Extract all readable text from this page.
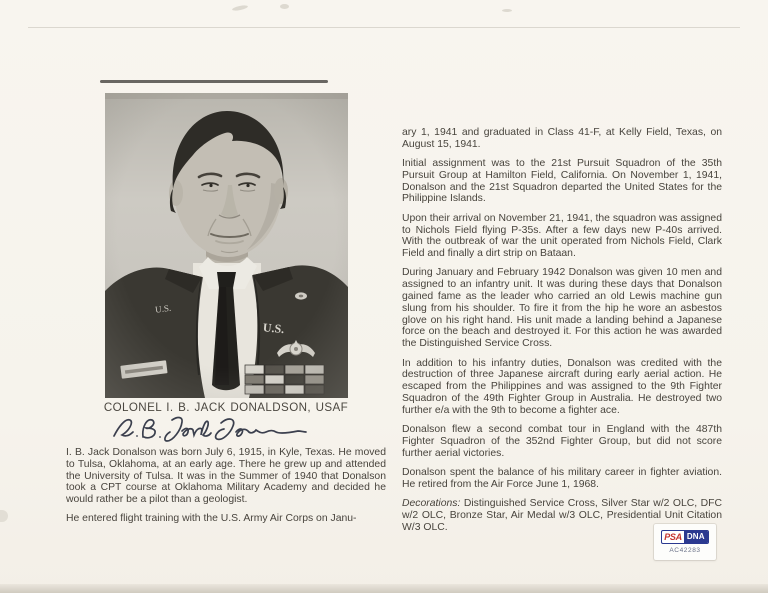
COLONEL I. B. JACK DONALDSON, USAF

I. B. Jack Donalson was born July 6, 1915, in Kyle, Texas. He moved to Tulsa, Oklahoma, at an early age. There he grew up and attended the University of Tulsa. It was in the Summer of 1940 that Donalson took a CPT course at Oklahoma Military Academy and decided he would rather be a pilot than a geologist.

He entered flight training with the U.S. Army Air Corps on Janu-

ary 1, 1941 and graduated in Class 41-F, at Kelly Field, Texas, on August 15, 1941.

Initial assignment was to the 21st Pursuit Squadron of the 35th Pursuit Group at Hamilton Field, California. On November 1, 1941, Donalson and the 21st Squadron departed the United States for the Philippine Islands.

Upon their arrival on November 21, 1941, the squadron was assigned to Nichols Field flying P-35s. After a few days new P-40s arrived. With the outbreak of war the unit operated from Nichols Field, Clark Field and finally a dirt strip on Bataan.

During January and February 1942 Donalson was given 10 men and assigned to an infantry unit. It was during these days that Donalson gained fame as the leader who carried an old Lewis machine gun slung from his shoulder. To fire it from the hip he wore an asbestos glove on his right hand. His unit made a landing behind a Japanese force on the beach and destroyed it. For this action he was awarded the Distinguished Service Cross.

In addition to his infantry duties, Donalson was credited with the destruction of three Japanese aircraft during early aerial action. He escaped from the Philippines and was assigned to the 9th Fighter Squadron of the 49th Fighter Group in Australia. He destroyed two further e/a with the 9th to become a fighter ace.

Donalson flew a second combat tour in England with the 487th Fighter Squadron of the 352nd Fighter Group, but did not score further aerial victories.

Donalson spent the balance of his military career in fighter aviation. He retired from the Air Force June 1, 1968.

Decorations: Distinguished Service Cross, Silver Star w/2 OLC, DFC w/2 OLC, Bronze Star, Air Medal w/3 OLC, Presidential Unit Citation W/3 OLC.

PSA DNA
AC42283
